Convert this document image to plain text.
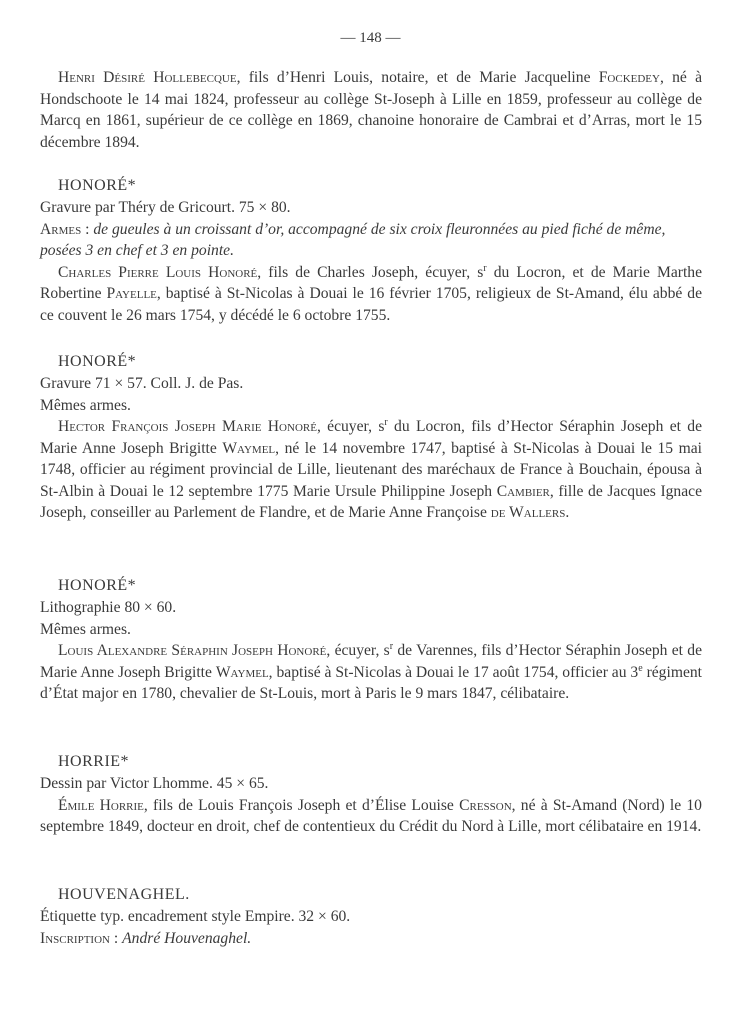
— 148 —

Henri Désiré Hollebecque, fils d’Henri Louis, notaire, et de Marie Jacqueline Fockedey, né à Hondschoote le 14 mai 1824, professeur au collège St-Joseph à Lille en 1859, professeur au collège de Marcq en 1861, supérieur de ce collège en 1869, chanoine honoraire de Cambrai et d’Arras, mort le 15 décembre 1894.

HONORÉ*

Gravure par Théry de Gricourt. 75 × 80.

Armes : de gueules à un croissant d’or, accompagné de six croix fleuronnées au pied fiché de même, posées 3 en chef et 3 en pointe.

Charles Pierre Louis Honoré, fils de Charles Joseph, écuyer, $s^r$ du Locron, et de Marie Marthe Robertine Payelle, baptisé à St-Nicolas à Douai le 16 février 1705, religieux de St-Amand, élu abbé de ce couvent le 26 mars 1754, y décédé le 6 octobre 1755.

HONORÉ*

Gravure 71 × 57. Coll. J. de Pas.

Mêmes armes.

Hector François Joseph Marie Honoré, écuyer, $s^r$ du Locron, fils d’Hector Séraphin Joseph et de Marie Anne Joseph Brigitte Waymel, né le 14 novembre 1747, baptisé à St-Nicolas à Douai le 15 mai 1748, officier au régiment provincial de Lille, lieutenant des maréchaux de France à Bouchain, épousa à St-Albin à Douai le 12 septembre 1775 Marie Ursule Philippine Joseph Cambier, fille de Jacques Ignace Joseph, conseiller au Parlement de Flandre, et de Marie Anne Françoise de Wallers.

HONORÉ*

Lithographie 80 × 60.

Mêmes armes.

Louis Alexandre Séraphin Joseph Honoré, écuyer, $s^r$ de Varennes, fils d’Hector Séraphin Joseph et de Marie Anne Joseph Brigitte Waymel, baptisé à St-Nicolas à Douai le 17 août 1754, officier au 3e régiment d’État major en 1780, chevalier de St-Louis, mort à Paris le 9 mars 1847, célibataire.

HORRIE*

Dessin par Victor Lhomme. 45 × 65.

Émile Horrie, fils de Louis François Joseph et d’Élise Louise Cresson, né à St-Amand (Nord) le 10 septembre 1849, docteur en droit, chef de contentieux du Crédit du Nord à Lille, mort célibataire en 1914.

HOUVENAGHEL.

Étiquette typ. encadrement style Empire. 32 × 60.

Inscription : André Houvenaghel.
